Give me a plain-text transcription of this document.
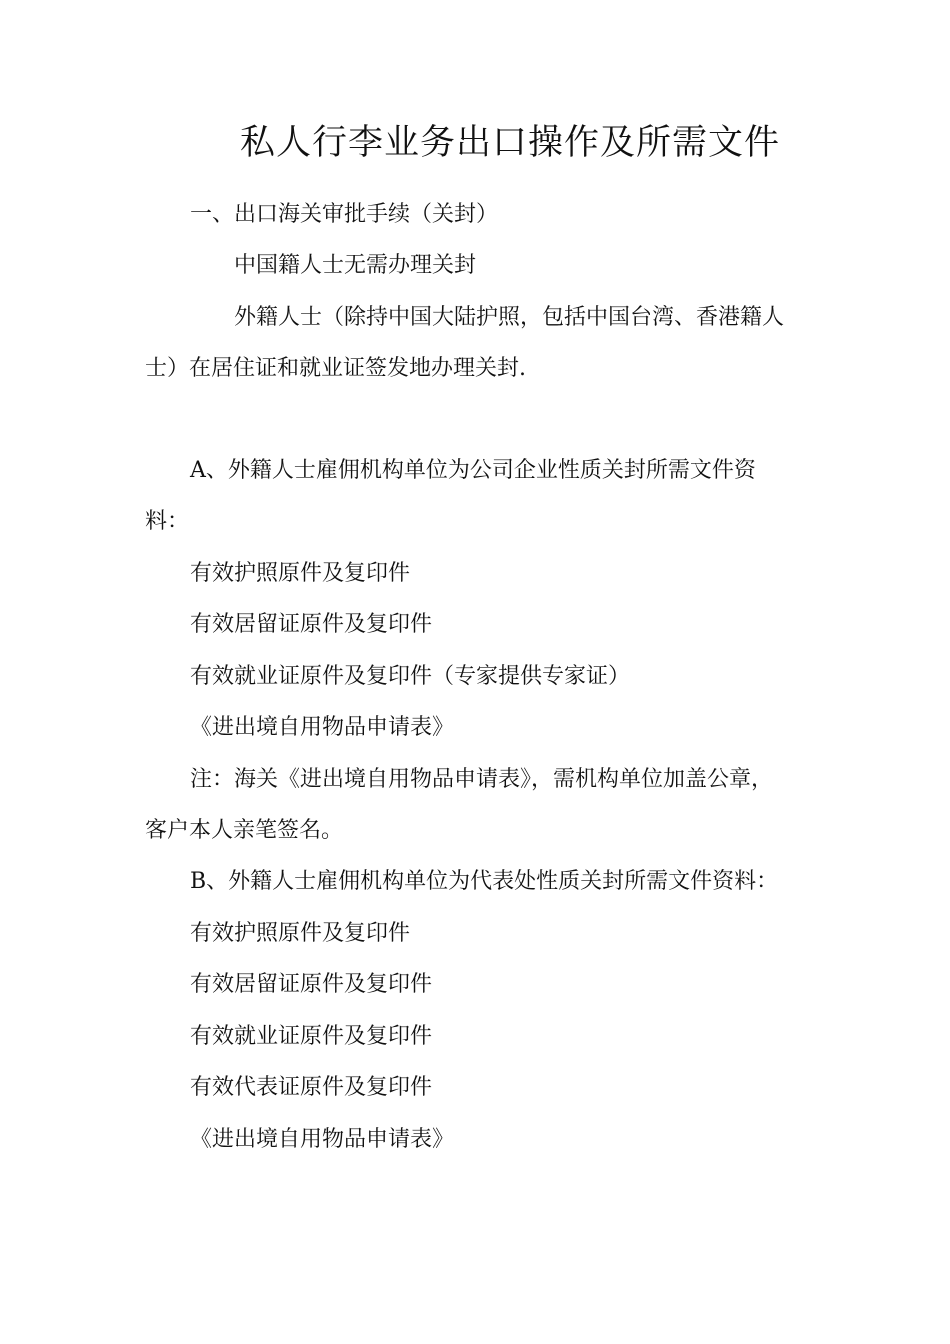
私人行李业务出口操作及所需文件
一、出口海关审批手续（关封）
中国籍人士无需办理关封
外籍人士（除持中国大陆护照，包括中国台湾、香港籍人
士）在居住证和就业证签发地办理关封.
A、外籍人士雇佣机构单位为公司企业性质关封所需文件资
料：
有效护照原件及复印件
有效居留证原件及复印件
有效就业证原件及复印件（专家提供专家证）
《进出境自用物品申请表》
注：海关《进出境自用物品申请表》，需机构单位加盖公章，
客户本人亲笔签名。
B、外籍人士雇佣机构单位为代表处性质关封所需文件资料：
有效护照原件及复印件
有效居留证原件及复印件
有效就业证原件及复印件
有效代表证原件及复印件
《进出境自用物品申请表》
